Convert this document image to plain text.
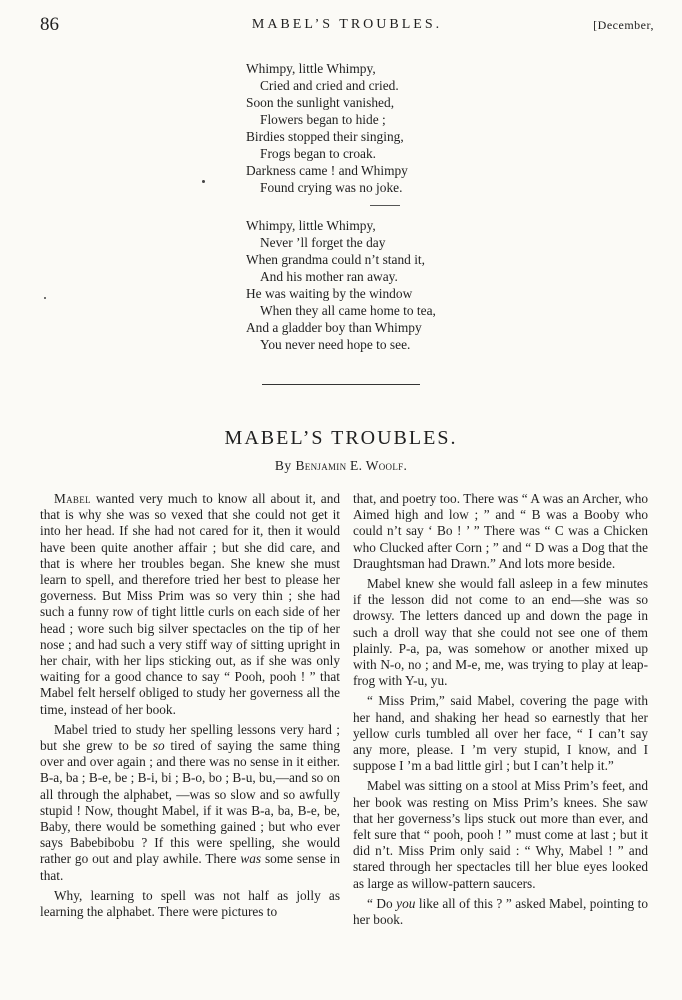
86	MABEL’S TROUBLES.	[December,
Whimpy, little Whimpy,
Cried and cried and cried.
Soon the sunlight vanished,
Flowers began to hide ;
Birdies stopped their singing,
Frogs began to croak.
Darkness came ! and Whimpy
Found crying was no joke.
Whimpy, little Whimpy,
Never ’ll forget the day
When grandma could n’t stand it,
And his mother ran away.
He was waiting by the window
When they all came home to tea,
And a gladder boy than Whimpy
You never need hope to see.
MABEL’S TROUBLES.
By Benjamin E. Woolf.

Mabel wanted very much to know all about it, and that is why she was so vexed that she could not get it into her head. If she had not cared for it, then it would have been quite another affair ; but she did care, and that is where her troubles began. She knew she must learn to spell, and therefore tried her best to please her governess. But Miss Prim was so very thin ; she had such a funny row of tight little curls on each side of her head ; wore such big silver spectacles on the tip of her nose ; and had such a very stiff way of sitting upright in her chair, with her lips sticking out, as if she was only waiting for a good chance to say “ Pooh, pooh ! ” that Mabel felt herself obliged to study her governess all the time, instead of her book.

Mabel tried to study her spelling lessons very hard ; but she grew to be so tired of saying the same thing over and over again ; and there was no sense in it either. B-a, ba ; B-e, be ; B-i, bi ; B-o, bo ; B-u, bu,—and so on all through the alphabet, —was so slow and so awfully stupid ! Now, thought Mabel, if it was B-a, ba, B-e, be, Baby, there would be something gained ; but who ever says Babebibobu ? If this were spelling, she would rather go out and play awhile. There was some sense in that.

Why, learning to spell was not half as jolly as learning the alphabet. There were pictures to

that, and poetry too. There was “ A was an Archer, who Aimed high and low ; ” and “ B was a Booby who could n’t say ‘ Bo ! ’ ” There was “ C was a Chicken who Clucked after Corn ; ” and “ D was a Dog that the Draughtsman had Drawn.” And lots more beside.

Mabel knew she would fall asleep in a few minutes if the lesson did not come to an end—she was so drowsy. The letters danced up and down the page in such a droll way that she could not see one of them plainly. P-a, pa, was somehow or another mixed up with N-o, no ; and M-e, me, was trying to play at leap-frog with Y-u, yu.

“ Miss Prim,” said Mabel, covering the page with her hand, and shaking her head so earnestly that her yellow curls tumbled all over her face, “ I can’t say any more, please. I ’m very stupid, I know, and I suppose I ’m a bad little girl ; but I can’t help it.”

Mabel was sitting on a stool at Miss Prim’s feet, and her book was resting on Miss Prim’s knees. She saw that her governess’s lips stuck out more than ever, and felt sure that “ pooh, pooh ! ” must come at last ; but it did n’t. Miss Prim only said : “ Why, Mabel ! ” and stared through her spectacles till her blue eyes looked as large as willow-pattern saucers.

“ Do you like all of this ? ” asked Mabel, pointing to her book.
